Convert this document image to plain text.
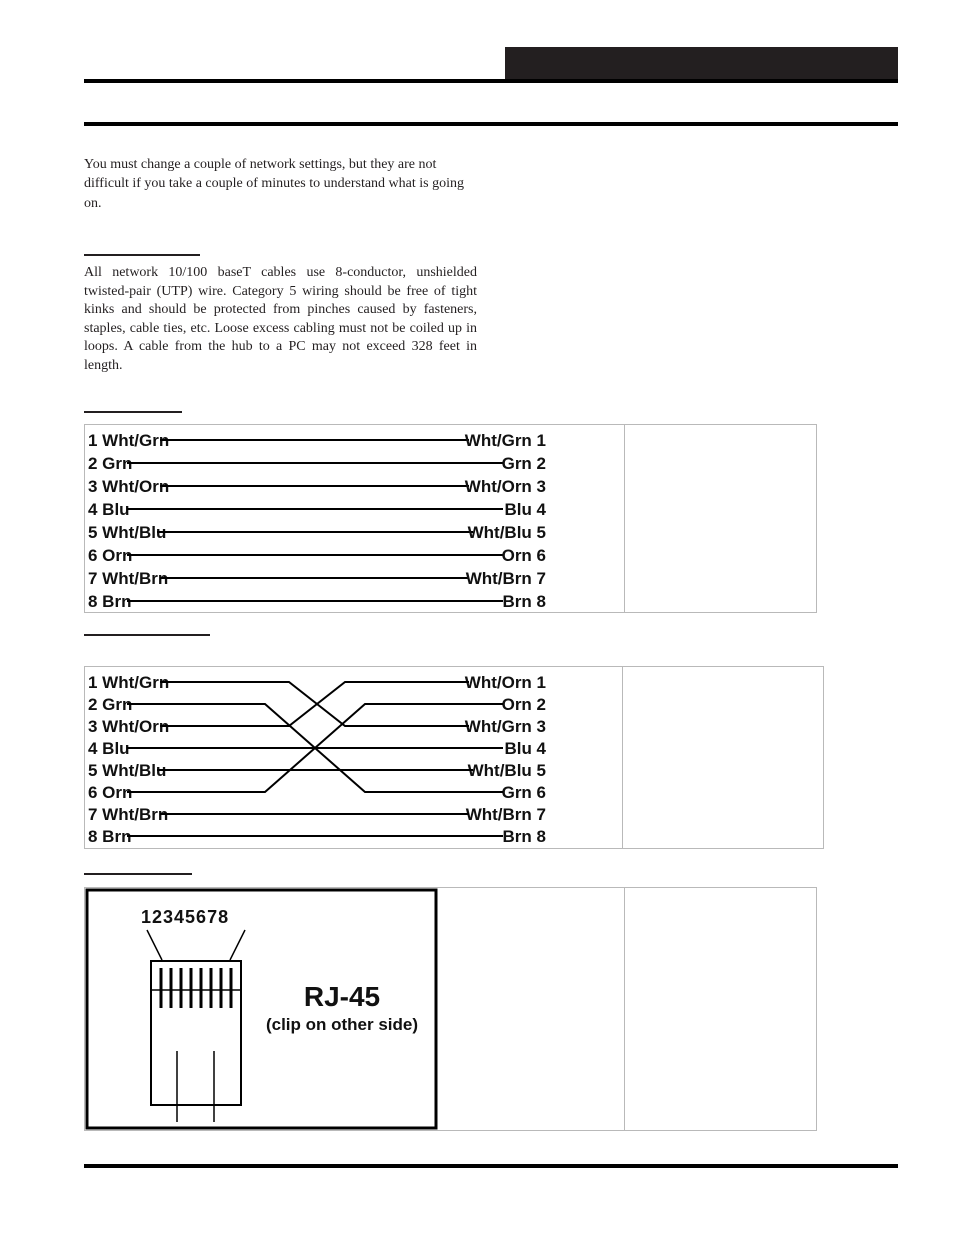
You must change a couple of network settings, but they are not difficult if you take a couple of minutes to understand what is going on.
All network 10/100 baseT cables use 8-conductor, unshielded twisted-pair (UTP) wire. Category 5 wiring should be free of tight kinks and should be protected from pinches caused by fasteners, staples, cable ties, etc. Loose excess cabling must not be coiled up in loops. A cable from the hub to a PC may not exceed 328 feet in length.
1 Wht/Grn	Wht/Grn 1
2 Grn	Grn 2
3 Wht/Orn	Wht/Orn 3
4 Blu	Blu 4
5 Wht/Blu	Wht/Blu 5
6 Orn	Orn 6
7 Wht/Brn	Wht/Brn 7
8 Brn	Brn 8
1 Wht/Grn	Wht/Orn 1
2 Grn	Orn 2
3 Wht/Orn	Wht/Grn 3
4 Blu	Blu 4
5 Wht/Blu	Wht/Blu 5
6 Orn	Grn 6
7 Wht/Brn	Wht/Brn 7
8 Brn	Brn 8
12345678
RJ-45
(clip on other side)
